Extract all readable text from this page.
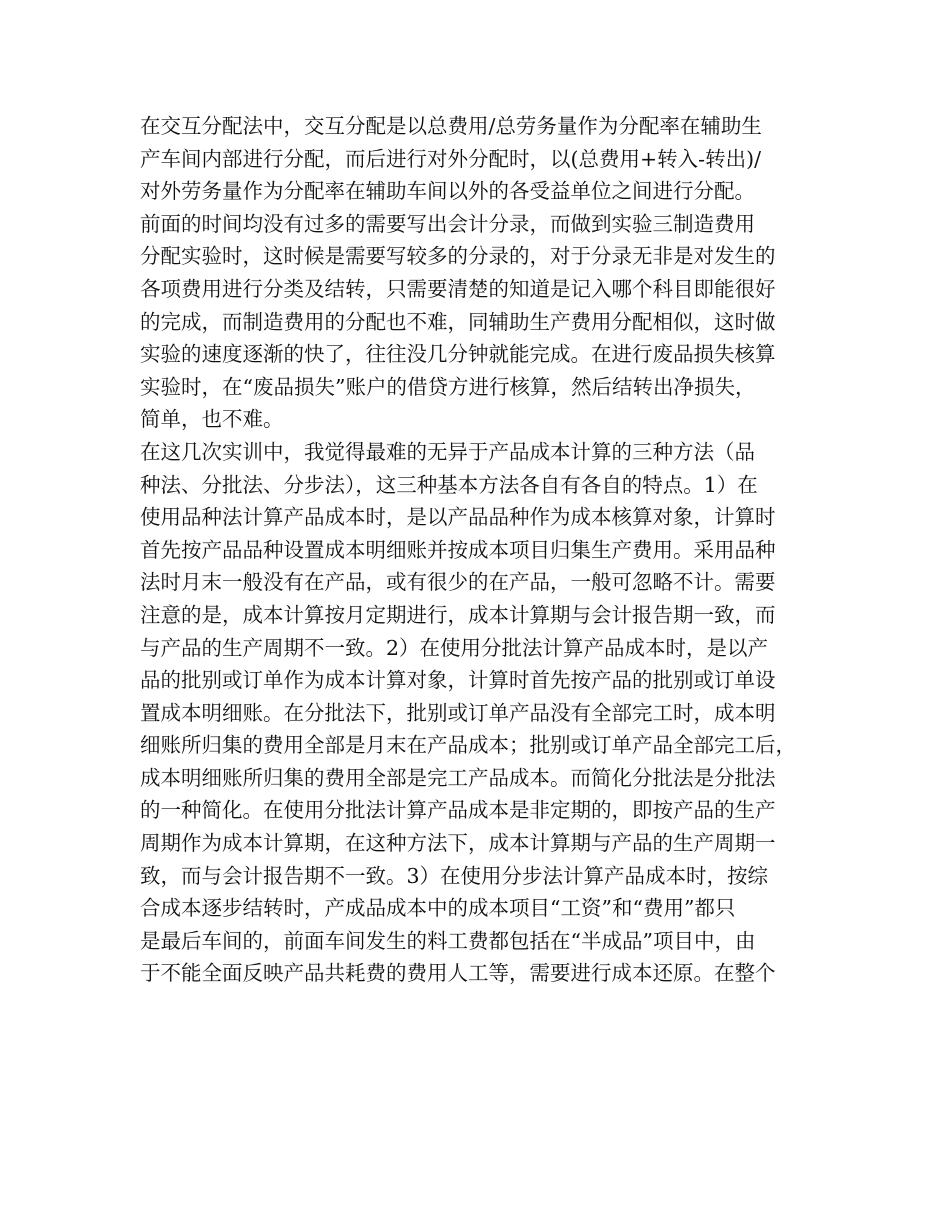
在交互分配法中，交互分配是以总费用/总劳务量作为分配率在辅助生
产车间内部进行分配，而后进行对外分配时，以(总费用+转入-转出)/
对外劳务量作为分配率在辅助车间以外的各受益单位之间进行分配。
前面的时间均没有过多的需要写出会计分录，而做到实验三制造费用
分配实验时，这时候是需要写较多的分录的，对于分录无非是对发生的
各项费用进行分类及结转，只需要清楚的知道是记入哪个科目即能很好
的完成，而制造费用的分配也不难，同辅助生产费用分配相似，这时做
实验的速度逐渐的快了，往往没几分钟就能完成。在进行废品损失核算
实验时，在“废品损失”账户的借贷方进行核算，然后结转出净损失，
简单，也不难。
在这几次实训中，我觉得最难的无异于产品成本计算的三种方法（品
种法、分批法、分步法），这三种基本方法各自有各自的特点。1）在
使用品种法计算产品成本时，是以产品品种作为成本核算对象，计算时
首先按产品品种设置成本明细账并按成本项目归集生产费用。采用品种
法时月末一般没有在产品，或有很少的在产品，一般可忽略不计。需要
注意的是，成本计算按月定期进行，成本计算期与会计报告期一致，而
与产品的生产周期不一致。2）在使用分批法计算产品成本时，是以产
品的批别或订单作为成本计算对象，计算时首先按产品的批别或订单设
置成本明细账。在分批法下，批别或订单产品没有全部完工时，成本明
细账所归集的费用全部是月末在产品成本；批别或订单产品全部完工后，
成本明细账所归集的费用全部是完工产品成本。而简化分批法是分批法
的一种简化。在使用分批法计算产品成本是非定期的，即按产品的生产
周期作为成本计算期，在这种方法下，成本计算期与产品的生产周期一
致，而与会计报告期不一致。3）在使用分步法计算产品成本时，按综
合成本逐步结转时，产成品成本中的成本项目“工资”和“费用”都只
是最后车间的，前面车间发生的料工费都包括在“半成品”项目中，由
于不能全面反映产品共耗费的费用人工等，需要进行成本还原。在整个
